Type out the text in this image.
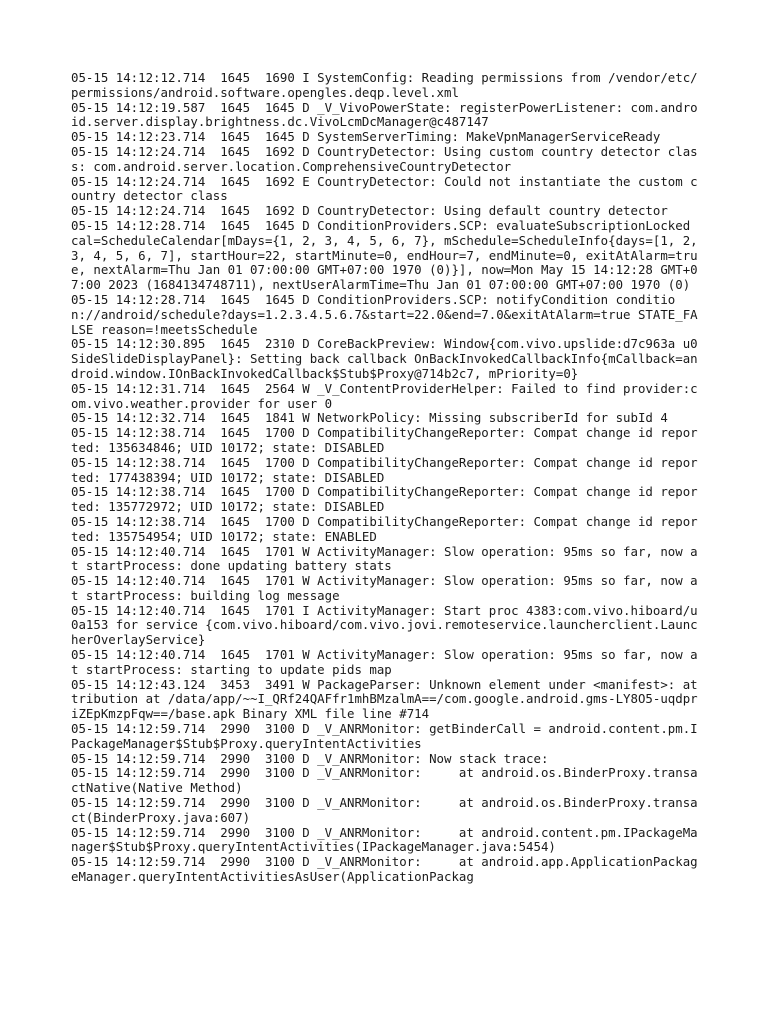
05-15 14:12:12.714  1645  1690 I SystemConfig: Reading permissions from /vendor/etc/permissions/android.software.opengles.deqp.level.xml

05-15 14:12:19.587  1645  1645 D _V_VivoPowerState: registerPowerListener: com.android.server.display.brightness.dc.VivoLcmDcManager@c487147

05-15 14:12:23.714  1645  1645 D SystemServerTiming: MakeVpnManagerServiceReady

05-15 14:12:24.714  1645  1692 D CountryDetector: Using custom country detector class: com.android.server.location.ComprehensiveCountryDetector

05-15 14:12:24.714  1645  1692 E CountryDetector: Could not instantiate the custom country detector class

05-15 14:12:24.714  1645  1692 D CountryDetector: Using default country detector

05-15 14:12:28.714  1645  1645 D ConditionProviders.SCP: evaluateSubscriptionLocked cal=ScheduleCalendar[mDays={1, 2, 3, 4, 5, 6, 7}, mSchedule=ScheduleInfo{days=[1, 2, 3, 4, 5, 6, 7], startHour=22, startMinute=0, endHour=7, endMinute=0, exitAtAlarm=true, nextAlarm=Thu Jan 01 07:00:00 GMT+07:00 1970 (0)}], now=Mon May 15 14:12:28 GMT+07:00 2023 (1684134748711), nextUserAlarmTime=Thu Jan 01 07:00:00 GMT+07:00 1970 (0)

05-15 14:12:28.714  1645  1645 D ConditionProviders.SCP: notifyCondition condition://android/schedule?days=1.2.3.4.5.6.7&start=22.0&end=7.0&exitAtAlarm=true STATE_FALSE reason=!meetsSchedule

05-15 14:12:30.895  1645  2310 D CoreBackPreview: Window{com.vivo.upslide:d7c963a u0 SideSlideDisplayPanel}: Setting back callback OnBackInvokedCallbackInfo{mCallback=android.window.IOnBackInvokedCallback$Stub$Proxy@714b2c7, mPriority=0}

05-15 14:12:31.714  1645  2564 W _V_ContentProviderHelper: Failed to find provider:com.vivo.weather.provider for user 0

05-15 14:12:32.714  1645  1841 W NetworkPolicy: Missing subscriberId for subId 4

05-15 14:12:38.714  1645  1700 D CompatibilityChangeReporter: Compat change id reported: 135634846; UID 10172; state: DISABLED

05-15 14:12:38.714  1645  1700 D CompatibilityChangeReporter: Compat change id reported: 177438394; UID 10172; state: DISABLED

05-15 14:12:38.714  1645  1700 D CompatibilityChangeReporter: Compat change id reported: 135772972; UID 10172; state: DISABLED

05-15 14:12:38.714  1645  1700 D CompatibilityChangeReporter: Compat change id reported: 135754954; UID 10172; state: ENABLED

05-15 14:12:40.714  1645  1701 W ActivityManager: Slow operation: 95ms so far, now at startProcess: done updating battery stats

05-15 14:12:40.714  1645  1701 W ActivityManager: Slow operation: 95ms so far, now at startProcess: building log message

05-15 14:12:40.714  1645  1701 I ActivityManager: Start proc 4383:com.vivo.hiboard/u0a153 for service {com.vivo.hiboard/com.vivo.jovi.remoteservice.launcherclient.LauncherOverlayService}

05-15 14:12:40.714  1645  1701 W ActivityManager: Slow operation: 95ms so far, now at startProcess: starting to update pids map

05-15 14:12:43.124  3453  3491 W PackageParser: Unknown element under <manifest>: attribution at /data/app/~~I_QRf24QAFfr1mhBMzalmA==/com.google.android.gms-LY8O5-uqdpriZEpKmzpFqw==/base.apk Binary XML file line #714

05-15 14:12:59.714  2990  3100 D _V_ANRMonitor: getBinderCall = android.content.pm.IPackageManager$Stub$Proxy.queryIntentActivities

05-15 14:12:59.714  2990  3100 D _V_ANRMonitor: Now stack trace:

05-15 14:12:59.714  2990  3100 D _V_ANRMonitor:     at android.os.BinderProxy.transactNative(Native Method)

05-15 14:12:59.714  2990  3100 D _V_ANRMonitor:     at android.os.BinderProxy.transact(BinderProxy.java:607)

05-15 14:12:59.714  2990  3100 D _V_ANRMonitor:     at android.content.pm.IPackageManager$Stub$Proxy.queryIntentActivities(IPackageManager.java:5454)

05-15 14:12:59.714  2990  3100 D _V_ANRMonitor:     at android.app.ApplicationPackageManager.queryIntentActivitiesAsUser(ApplicationPackag
